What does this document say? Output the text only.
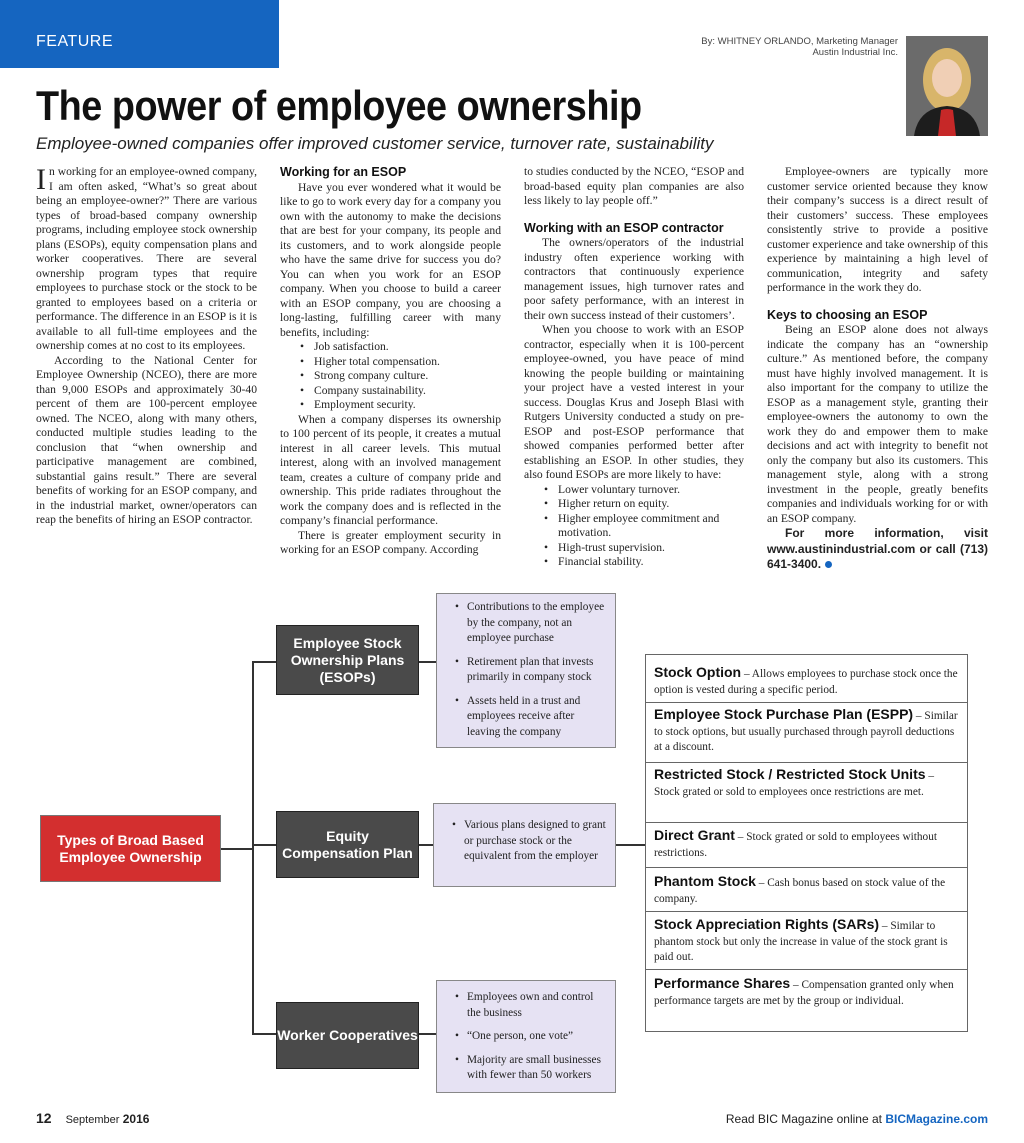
FEATURE	By: WHITNEY ORLANDO, Marketing Manager
Austin Industrial Inc.
The power of employee ownership
Employee-owned companies offer improved customer service, turnover rate, sustainability

In working for an employee-owned company, I am often asked, “What’s so great about being an employee-owner?” There are various types of broad-based company ownership programs, including employee stock ownership plans (ESOPs), equity compensation plans and worker cooperatives. There are several ownership program types that require employees to purchase stock or the stock to be granted to employees based on a criteria or performance. The difference in an ESOP is it is available to all full-time employees and the ownership comes at no cost to its employees.

According to the National Center for Employee Ownership (NCEO), there are more than 9,000 ESOPs and approximately 30-40 percent of them are 100-percent employee owned. The NCEO, along with many others, conducted multiple studies leading to the conclusion that “when ownership and participative management are combined, substantial gains result.” There are several benefits of working for an ESOP company, and in the industrial market, owner/operators can reap the benefits of hiring an ESOP contractor.

Working for an ESOP

Have you ever wondered what it would be like to go to work every day for a company you own with the autonomy to make the decisions that are best for your company, its people and its customers, and to work alongside people who have the same drive for success you do? You can when you work for an ESOP company. When you choose to build a career with an ESOP company, you are choosing a long-lasting, fulfilling career with many benefits, including:

• Job satisfaction.
• Higher total compensation.
• Strong company culture.
• Company sustainability.
• Employment security.

When a company disperses its ownership to 100 percent of its people, it creates a mutual interest in all career levels. This mutual interest, along with an involved management team, creates a culture of company pride and ownership. This pride radiates throughout the work the company does and is reflected in the company’s financial performance.

There is greater employment security in working for an ESOP company. According

to studies conducted by the NCEO, “ESOP and broad-based equity plan companies are also less likely to lay people off.”

Working with an ESOP contractor

The owners/operators of the industrial industry often experience working with contractors that continuously experience management issues, high turnover rates and poor safety performance, with an interest in their own success instead of their customers’.

When you choose to work with an ESOP contractor, especially when it is 100-percent employee-owned, you have peace of mind knowing the people building or maintaining your project have a vested interest in your success. Douglas Krus and Joseph Blasi with Rutgers University conducted a study on pre-ESOP and post-ESOP performance that showed companies performed better after establishing an ESOP. In other studies, they also found ESOPs are more likely to have:

• Lower voluntary turnover.
• Higher return on equity.
• Higher employee commitment and motivation.
• High-trust supervision.
• Financial stability.

Employee-owners are typically more customer service oriented because they know their company’s success is a direct result of their customers’ success. These employees consistently strive to provide a positive customer experience and take ownership of this experience by maintaining a high level of communication, integrity and safety performance in the work they do.

Keys to choosing an ESOP

Being an ESOP alone does not always indicate the company has an “ownership culture.” As mentioned before, the company must have highly involved management. It is also important for the company to utilize the ESOP as a management style, granting their employee-owners the autonomy to own the work they do and empower them to make decisions and act with integrity to benefit not only the company but also its customers. This management style, along with a strong investment in the people, greatly benefits companies and individuals working for or with an ESOP company.

For more information, visit www.austinindustrial.com or call (713) 641-3400.

Types of Broad Based Employee Ownership
Employee Stock Ownership Plans (ESOPs)
Equity Compensation Plan
Worker Cooperatives
• Contributions to the employee by the company, not an employee purchase
• Retirement plan that invests primarily in company stock
• Assets held in a trust and employees receive after leaving the company
• Various plans designed to grant or purchase stock or the equivalent from the employer
• Employees own and control the business
• “One person, one vote”
• Majority are small businesses with fewer than 50 workers
Stock Option – Allows employees to purchase stock once the option is vested during a specific period.
Employee Stock Purchase Plan (ESPP) – Similar to stock options, but usually purchased through payroll deductions at a discount.
Restricted Stock / Restricted Stock Units – Stock grated or sold to employees once restrictions are met.
Direct Grant – Stock grated or sold to employees without restrictions.
Phantom Stock – Cash bonus based on stock value of the company.
Stock Appreciation Rights (SARs) – Similar to phantom stock but only the increase in value of the stock grant is paid out.
Performance Shares – Compensation granted only when performance targets are met by the group or individual.
12 September 2016	Read BIC Magazine online at BICMagazine.com
